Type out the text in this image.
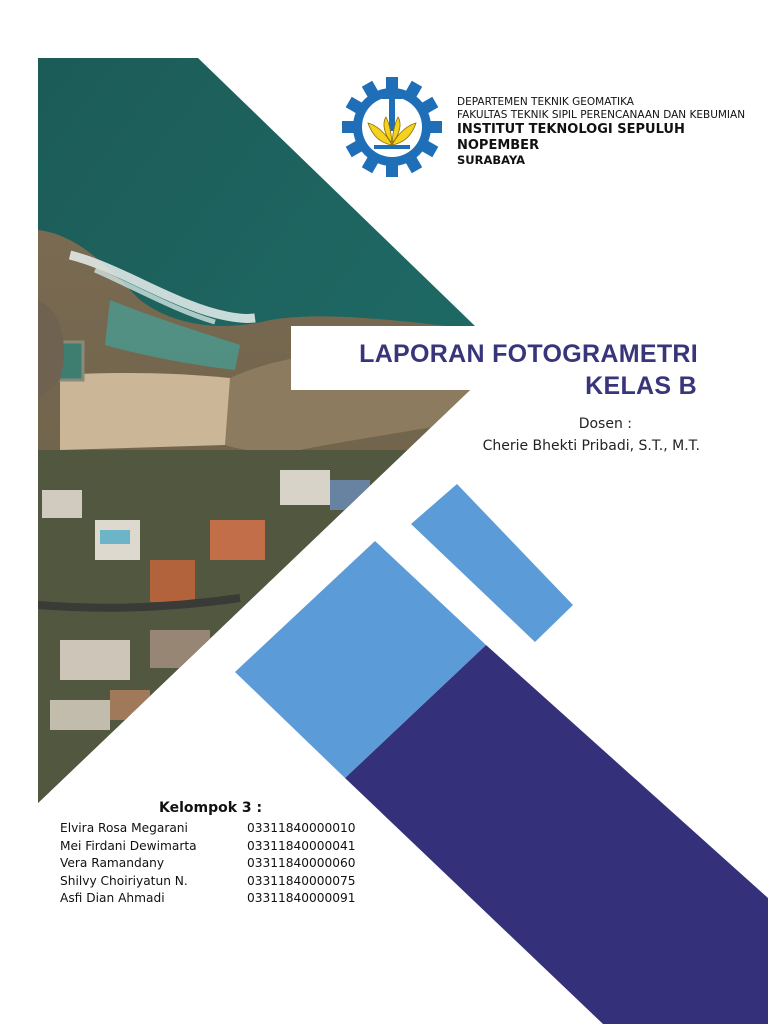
DEPARTEMEN TEKNIK GEOMATIKA
FAKULTAS TEKNIK SIPIL PERENCANAAN DAN KEBUMIAN
INSTITUT TEKNOLOGI SEPULUH NOPEMBER
SURABAYA
LAPORAN FOTOGRAMETRI
KELAS B
Dosen :
Cherie Bhekti Pribadi, S.T., M.T.
Kelompok 3 :
Elvira Rosa Megarani	03311840000010
Mei Firdani Dewimarta	03311840000041
Vera Ramandany	03311840000060
Shilvy Choiriyatun N.	03311840000075
Asfi Dian Ahmadi	03311840000091
